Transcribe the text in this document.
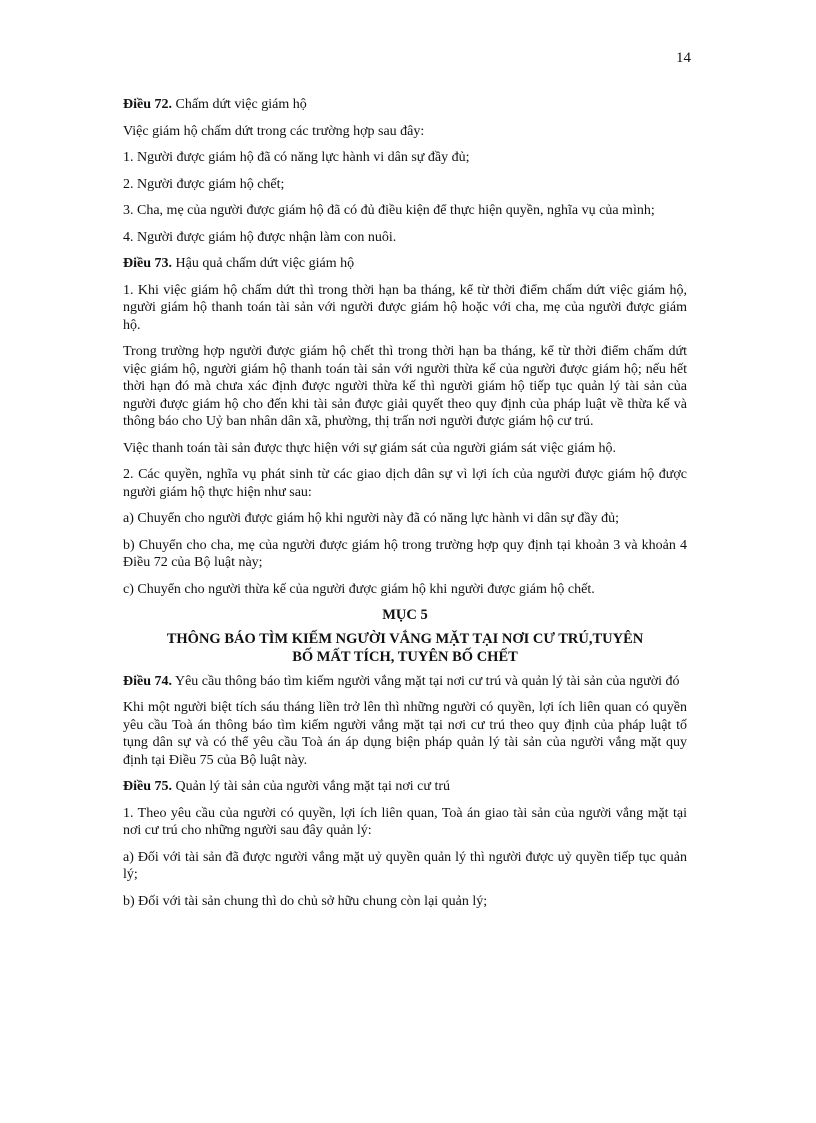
14

Điều 72. Chấm dứt việc giám hộ

Việc giám hộ chấm dứt trong các trường hợp sau đây:

1. Người được giám hộ đã có năng lực hành vi dân sự đầy đủ;

2. Người được giám hộ chết;

3. Cha, mẹ của người được giám hộ đã có đủ điều kiện để thực hiện quyền, nghĩa vụ của mình;

4. Người được giám hộ được nhận làm con nuôi.

Điều 73. Hậu quả chấm dứt việc giám hộ

1. Khi việc giám hộ chấm dứt thì trong thời hạn ba tháng, kể từ thời điểm chấm dứt việc giám hộ, người giám hộ thanh toán tài sản với người được giám hộ hoặc với cha, mẹ của người được giám hộ.

Trong trường hợp người được giám hộ chết thì trong thời hạn ba tháng, kể từ thời điểm chấm dứt việc giám hộ, người giám hộ thanh toán tài sản với người thừa kế của người được giám hộ; nếu hết thời hạn đó mà chưa xác định được người thừa kế thì người giám hộ tiếp tục quản lý tài sản của người được giám hộ cho đến khi tài sản được giải quyết theo quy định của pháp luật về thừa kế và thông báo cho Uỷ ban nhân dân xã, phường, thị trấn nơi người được giám hộ cư trú.

Việc thanh toán tài sản được thực hiện với sự giám sát của người giám sát việc giám hộ.

2. Các quyền, nghĩa vụ phát sinh từ các giao dịch dân sự vì lợi ích của người được giám hộ được người giám hộ thực hiện như sau:

a) Chuyển cho người được giám hộ khi người này đã có năng lực hành vi dân sự đầy đủ;

b) Chuyển cho cha, mẹ của người được giám hộ trong trường hợp quy định tại khoản 3 và khoản 4 Điều 72 của Bộ luật này;

c) Chuyển cho người thừa kế của người được giám hộ khi người được giám hộ chết.

MỤC 5
THÔNG BÁO TÌM KIẾM NGƯỜI VẮNG MẶT TẠI NƠI CƯ TRÚ,TUYÊN
BỐ MẤT TÍCH, TUYÊN BỐ CHẾT

Điều 74. Yêu cầu thông báo tìm kiếm người vắng mặt tại nơi cư trú và quản lý tài sản của người đó

Khi một người biệt tích sáu tháng liền trở lên thì những người có quyền, lợi ích liên quan có quyền yêu cầu Toà án thông báo tìm kiếm người vắng mặt tại nơi cư trú theo quy định của pháp luật tố tụng dân sự và có thể yêu cầu Toà án áp dụng biện pháp quản lý tài sản của người vắng mặt quy định tại Điều 75 của Bộ luật này.

Điều 75. Quản lý tài sản của người vắng mặt tại nơi cư trú

1. Theo yêu cầu của người có quyền, lợi ích liên quan, Toà án giao tài sản của người vắng mặt tại nơi cư trú cho những người sau đây quản lý:

a) Đối với tài sản đã được người vắng mặt uỷ quyền quản lý thì người được uỷ quyền tiếp tục quản lý;

b) Đối với tài sản chung thì do chủ sở hữu chung còn lại quản lý;
